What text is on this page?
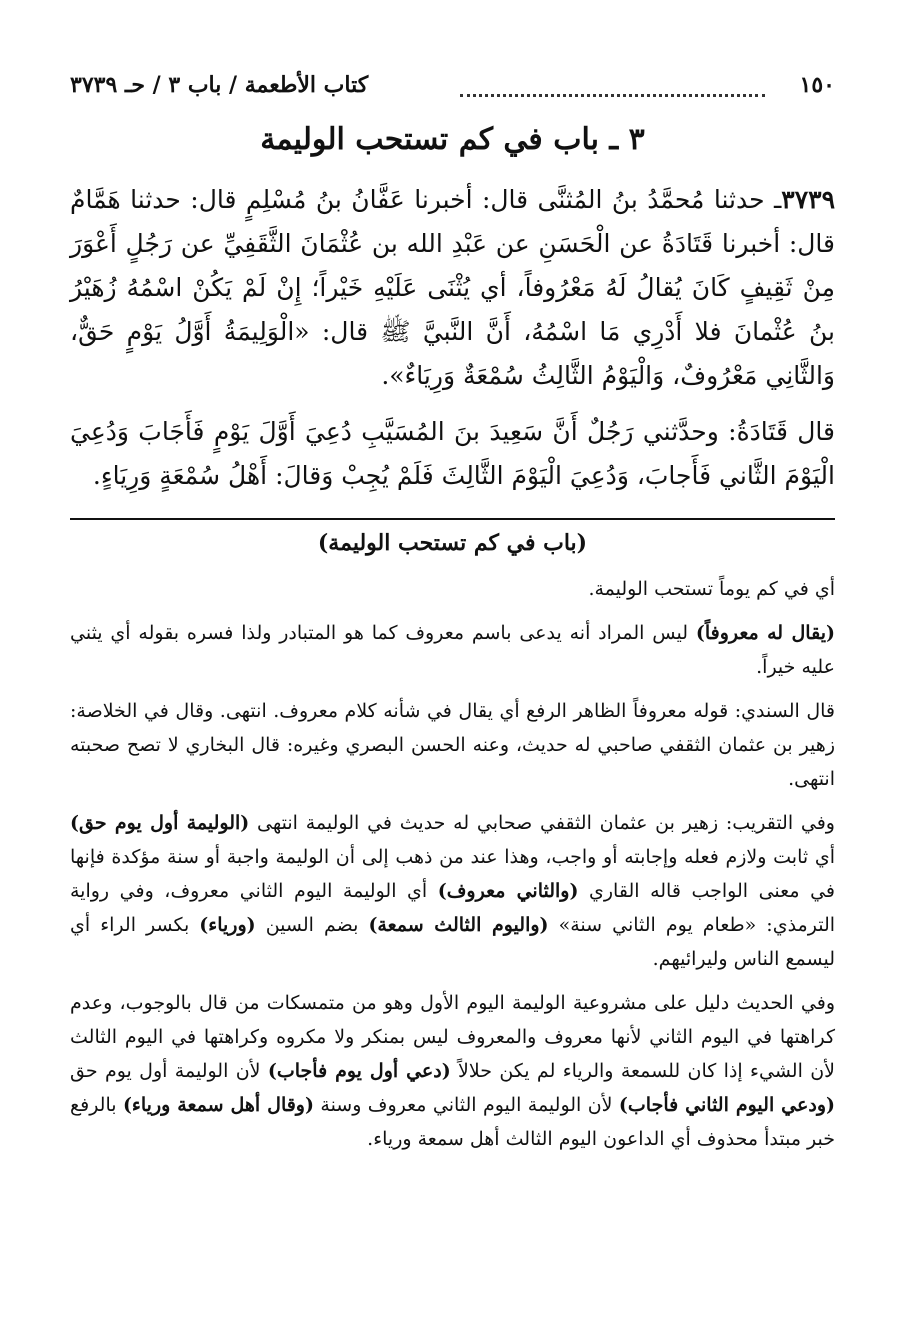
١٥٠
كتاب الأطعمة / باب ٣ / حـ ٣٧٣٩
٣ ـ باب في كم تستحب الوليمة

٣٧٣٩ـ حدثنا مُحمَّدُ بنُ المُثنَّى قال: أخبرنا عَفَّانُ بنُ مُسْلِمٍ قال: حدثنا هَمَّامٌ قال: أخبرنا قَتَادَةُ عن الْحَسَنِ عن عَبْدِ الله بن عُثْمَانَ الثَّقَفِيِّ عن رَجُلٍ أَعْوَرَ مِنْ ثَقِيفٍ كَانَ يُقالُ لَهُ مَعْرُوفاً، أي يُثْنَى عَلَيْهِ خَيْراً؛ إِنْ لَمْ يَكُنْ اسْمُهُ زُهَيْرُ بنُ عُثْمانَ فلا أَدْرِي مَا اسْمُهُ، أَنَّ النَّبيَّ ﷺ قال: «الْوَلِيمَةُ أَوَّلُ يَوْمٍ حَقٌّ، وَالثَّانِي مَعْرُوفٌ، وَالْيَوْمُ الثَّالِثُ سُمْعَةٌ وَرِيَاءٌ».

قال قَتَادَةُ: وحدَّثني رَجُلٌ أَنَّ سَعِيدَ بنَ المُسَيَّبِ دُعِيَ أَوَّلَ يَوْمٍ فَأَجَابَ وَدُعِيَ الْيَوْمَ الثَّاني فَأَجابَ، وَدُعِيَ الْيَوْمَ الثَّالِثَ فَلَمْ يُجِبْ وَقالَ: أَهْلُ سُمْعَةٍ وَرِيَاءٍ.

(باب في كم تستحب الوليمة)

أي في كم يوماً تستحب الوليمة.

(يقال له معروفاً) ليس المراد أنه يدعى باسم معروف كما هو المتبادر ولذا فسره بقوله أي يثني عليه خيراً.

قال السندي: قوله معروفاً الظاهر الرفع أي يقال في شأنه كلام معروف. انتهى. وقال في الخلاصة: زهير بن عثمان الثقفي صاحبي له حديث، وعنه الحسن البصري وغيره: قال البخاري لا تصح صحبته انتهى.

وفي التقريب: زهير بن عثمان الثقفي صحابي له حديث في الوليمة انتهى (الوليمة أول يوم حق) أي ثابت ولازم فعله وإجابته أو واجب، وهذا عند من ذهب إلى أن الوليمة واجبة أو سنة مؤكدة فإنها في معنى الواجب قاله القاري (والثاني معروف) أي الوليمة اليوم الثاني معروف، وفي رواية الترمذي: «طعام يوم الثاني سنة» (واليوم الثالث سمعة) بضم السين (ورياء) بكسر الراء أي ليسمع الناس وليرائيهم.

وفي الحديث دليل على مشروعية الوليمة اليوم الأول وهو من متمسكات من قال بالوجوب، وعدم كراهتها في اليوم الثاني لأنها معروف والمعروف ليس بمنكر ولا مكروه وكراهتها في اليوم الثالث لأن الشيء إذا كان للسمعة والرياء لم يكن حلالاً (دعي أول يوم فأجاب) لأن الوليمة أول يوم حق (ودعي اليوم الثاني فأجاب) لأن الوليمة اليوم الثاني معروف وسنة (وقال أهل سمعة ورياء) بالرفع خبر مبتدأ محذوف أي الداعون اليوم الثالث أهل سمعة ورياء.
